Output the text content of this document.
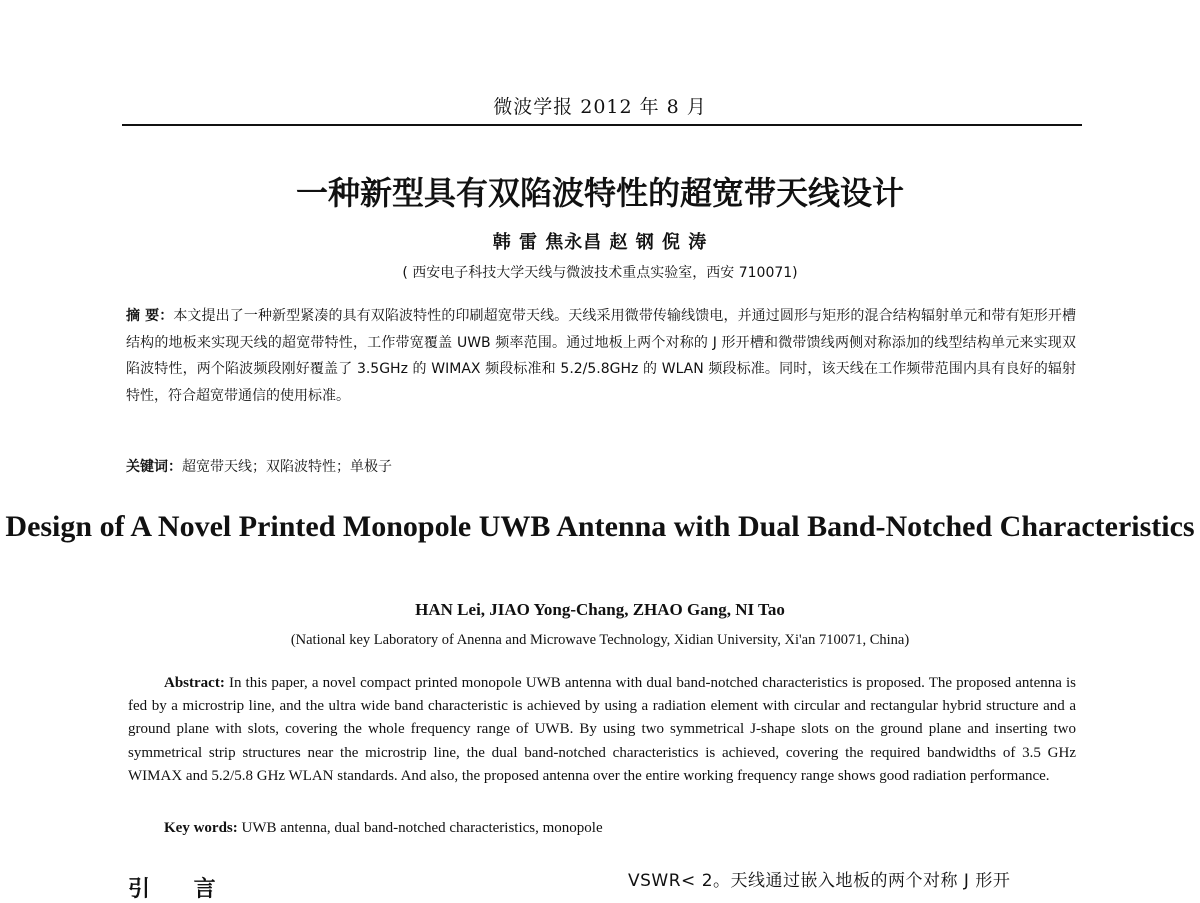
微波学报 2012 年 8 月
一种新型具有双陷波特性的超宽带天线设计
韩 雷 焦永昌 赵 钢 倪 涛
( 西安电子科技大学天线与微波技术重点实验室，西安 710071)
摘 要：本文提出了一种新型紧凑的具有双陷波特性的印刷超宽带天线。天线采用微带传输线馈电，并通过圆形与矩形的混合结构辐射单元和带有矩形开槽结构的地板来实现天线的超宽带特性，工作带宽覆盖 UWB 频率范围。通过地板上两个对称的 J 形开槽和微带馈线两侧对称添加的线型结构单元来实现双陷波特性，两个陷波频段刚好覆盖了 3.5GHz 的 WIMAX 频段标准和 5.2/5.8GHz 的 WLAN 频段标准。同时，该天线在工作频带范围内具有良好的辐射特性，符合超宽带通信的使用标准。
关键词：超宽带天线；双陷波特性；单极子
Design of A Novel Printed Monopole UWB Antenna with Dual Band-Notched Characteristics
HAN Lei, JIAO Yong-Chang, ZHAO Gang, NI Tao
(National key Laboratory of Anenna and Microwave Technology, Xidian University, Xi'an 710071, China)
Abstract: In this paper, a novel compact printed monopole UWB antenna with dual band-notched characteristics is proposed. The proposed antenna is fed by a microstrip line, and the ultra wide band characteristic is achieved by using a radiation element with circular and rectangular hybrid structure and a ground plane with slots, covering the whole frequency range of UWB. By using two symmetrical J-shape slots on the ground plane and inserting two symmetrical strip structures near the microstrip line, the dual band-notched characteristics is achieved, covering the required bandwidths of 3.5 GHz WIMAX and 5.2/5.8 GHz WLAN standards. And also, the proposed antenna over the entire working frequency range shows good radiation performance.
Key words: UWB antenna, dual band-notched characteristics, monopole
引 言	VSWR< 2。天线通过嵌入地板的两个对称 J 形开
